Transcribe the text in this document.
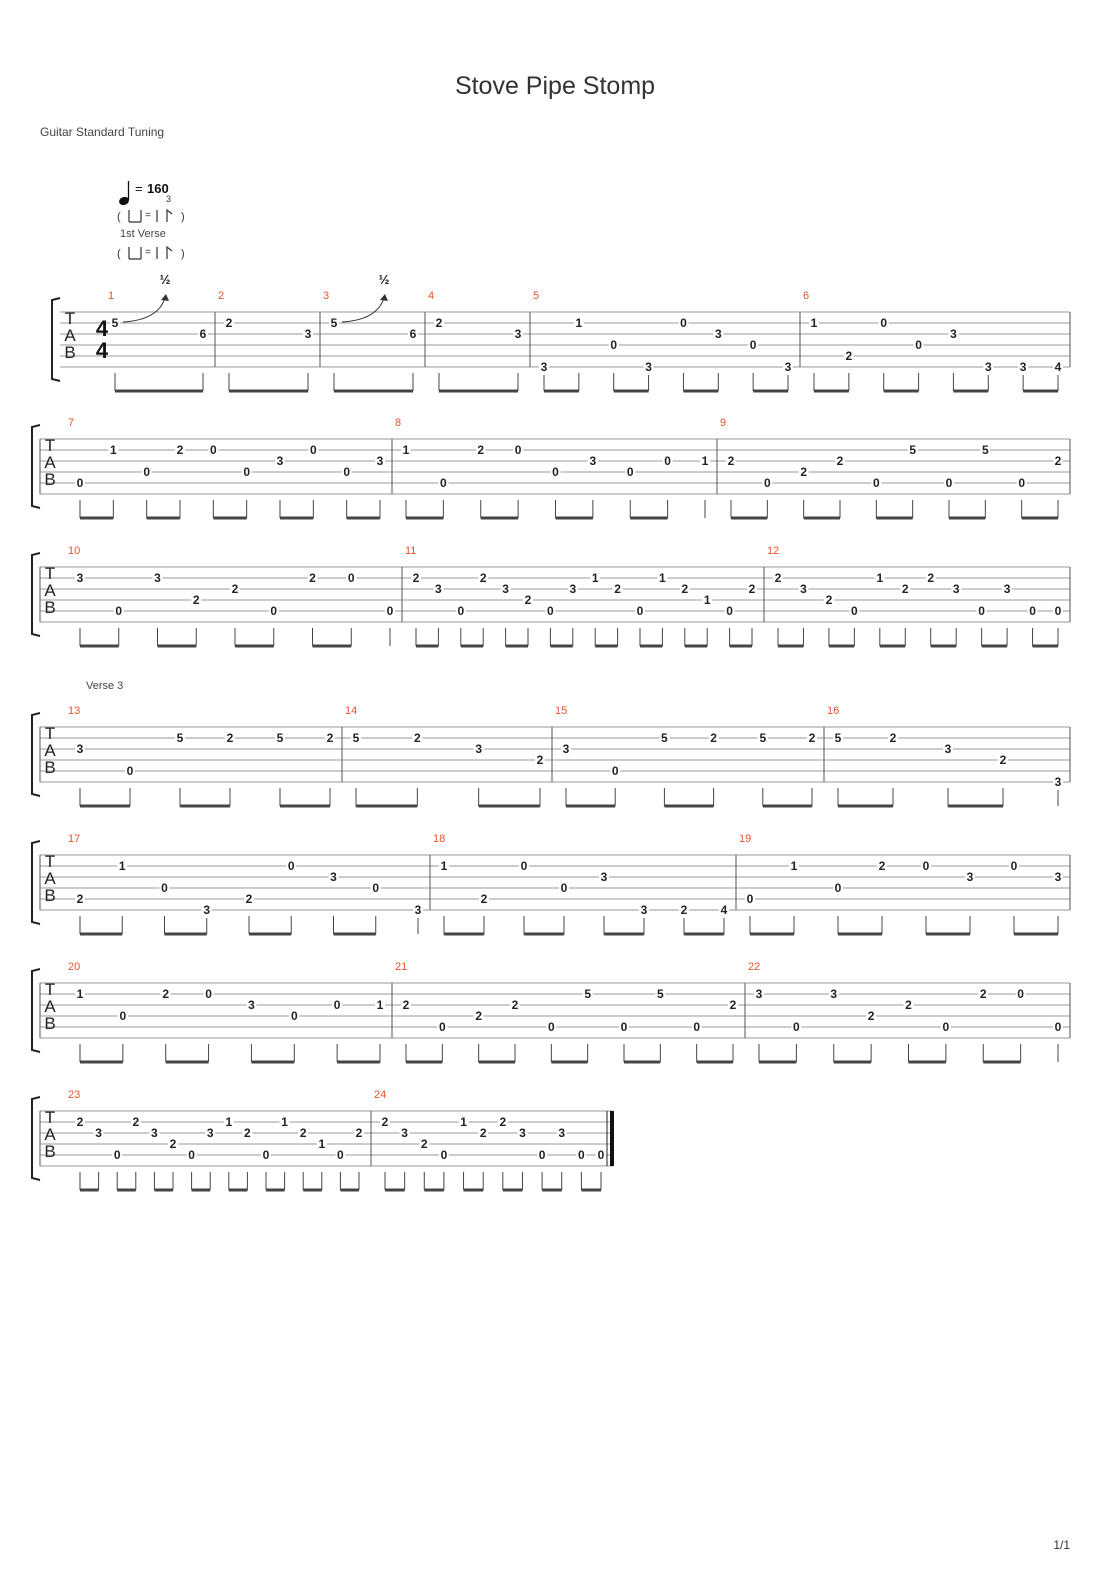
Stove Pipe Stomp
Guitar Standard Tuning
T
A
B
4
4
1
5
6
½
2
2
3
3
5
6
½
4
2
3
5
3
1
0
3
0
3
0
3
6
1
2
0
0
3
3 3 4
T
A
B
7
0
1
0
2 0
0
3
0
0
3
8
1
0
2	0
0
3
0
0	1
9
2
0
2
2
0
5
0
5
0
2
T
A
B
10
3
0
3
2
2
0
2	0
0
11
2
3
0
2
3
2
0
3
1
2
0
1
2
1
0
2
12
2
3
2
0
1
2
2
3
0
3
0 0
T
A
B
13
3
0
5	2	5	2
14
5	2
3
2
15
3
0
5	2	5	2
16
5	2
3
2
3
T
A
B
17
2
1
0
3
2
0
3
0
3
18
1
2
0
0
3
3	2	4
19
0
1
0
2	0
3
0
3
T
A
B
20
1
0
2	0
3
0
0	1
21
2
0
2
2
0
5
0
5
0
2
22
3
0
3
2
2
0
2	0
0
T
A
B
23
2
3
0
2
3
2
0
3
1
2
0
1
2
1
0
2
24
2
3
2
0
1
2
2
3
0
3
0 0
= 160
3
1st Verse
Verse 3
( =	)
( =	)
1/1
